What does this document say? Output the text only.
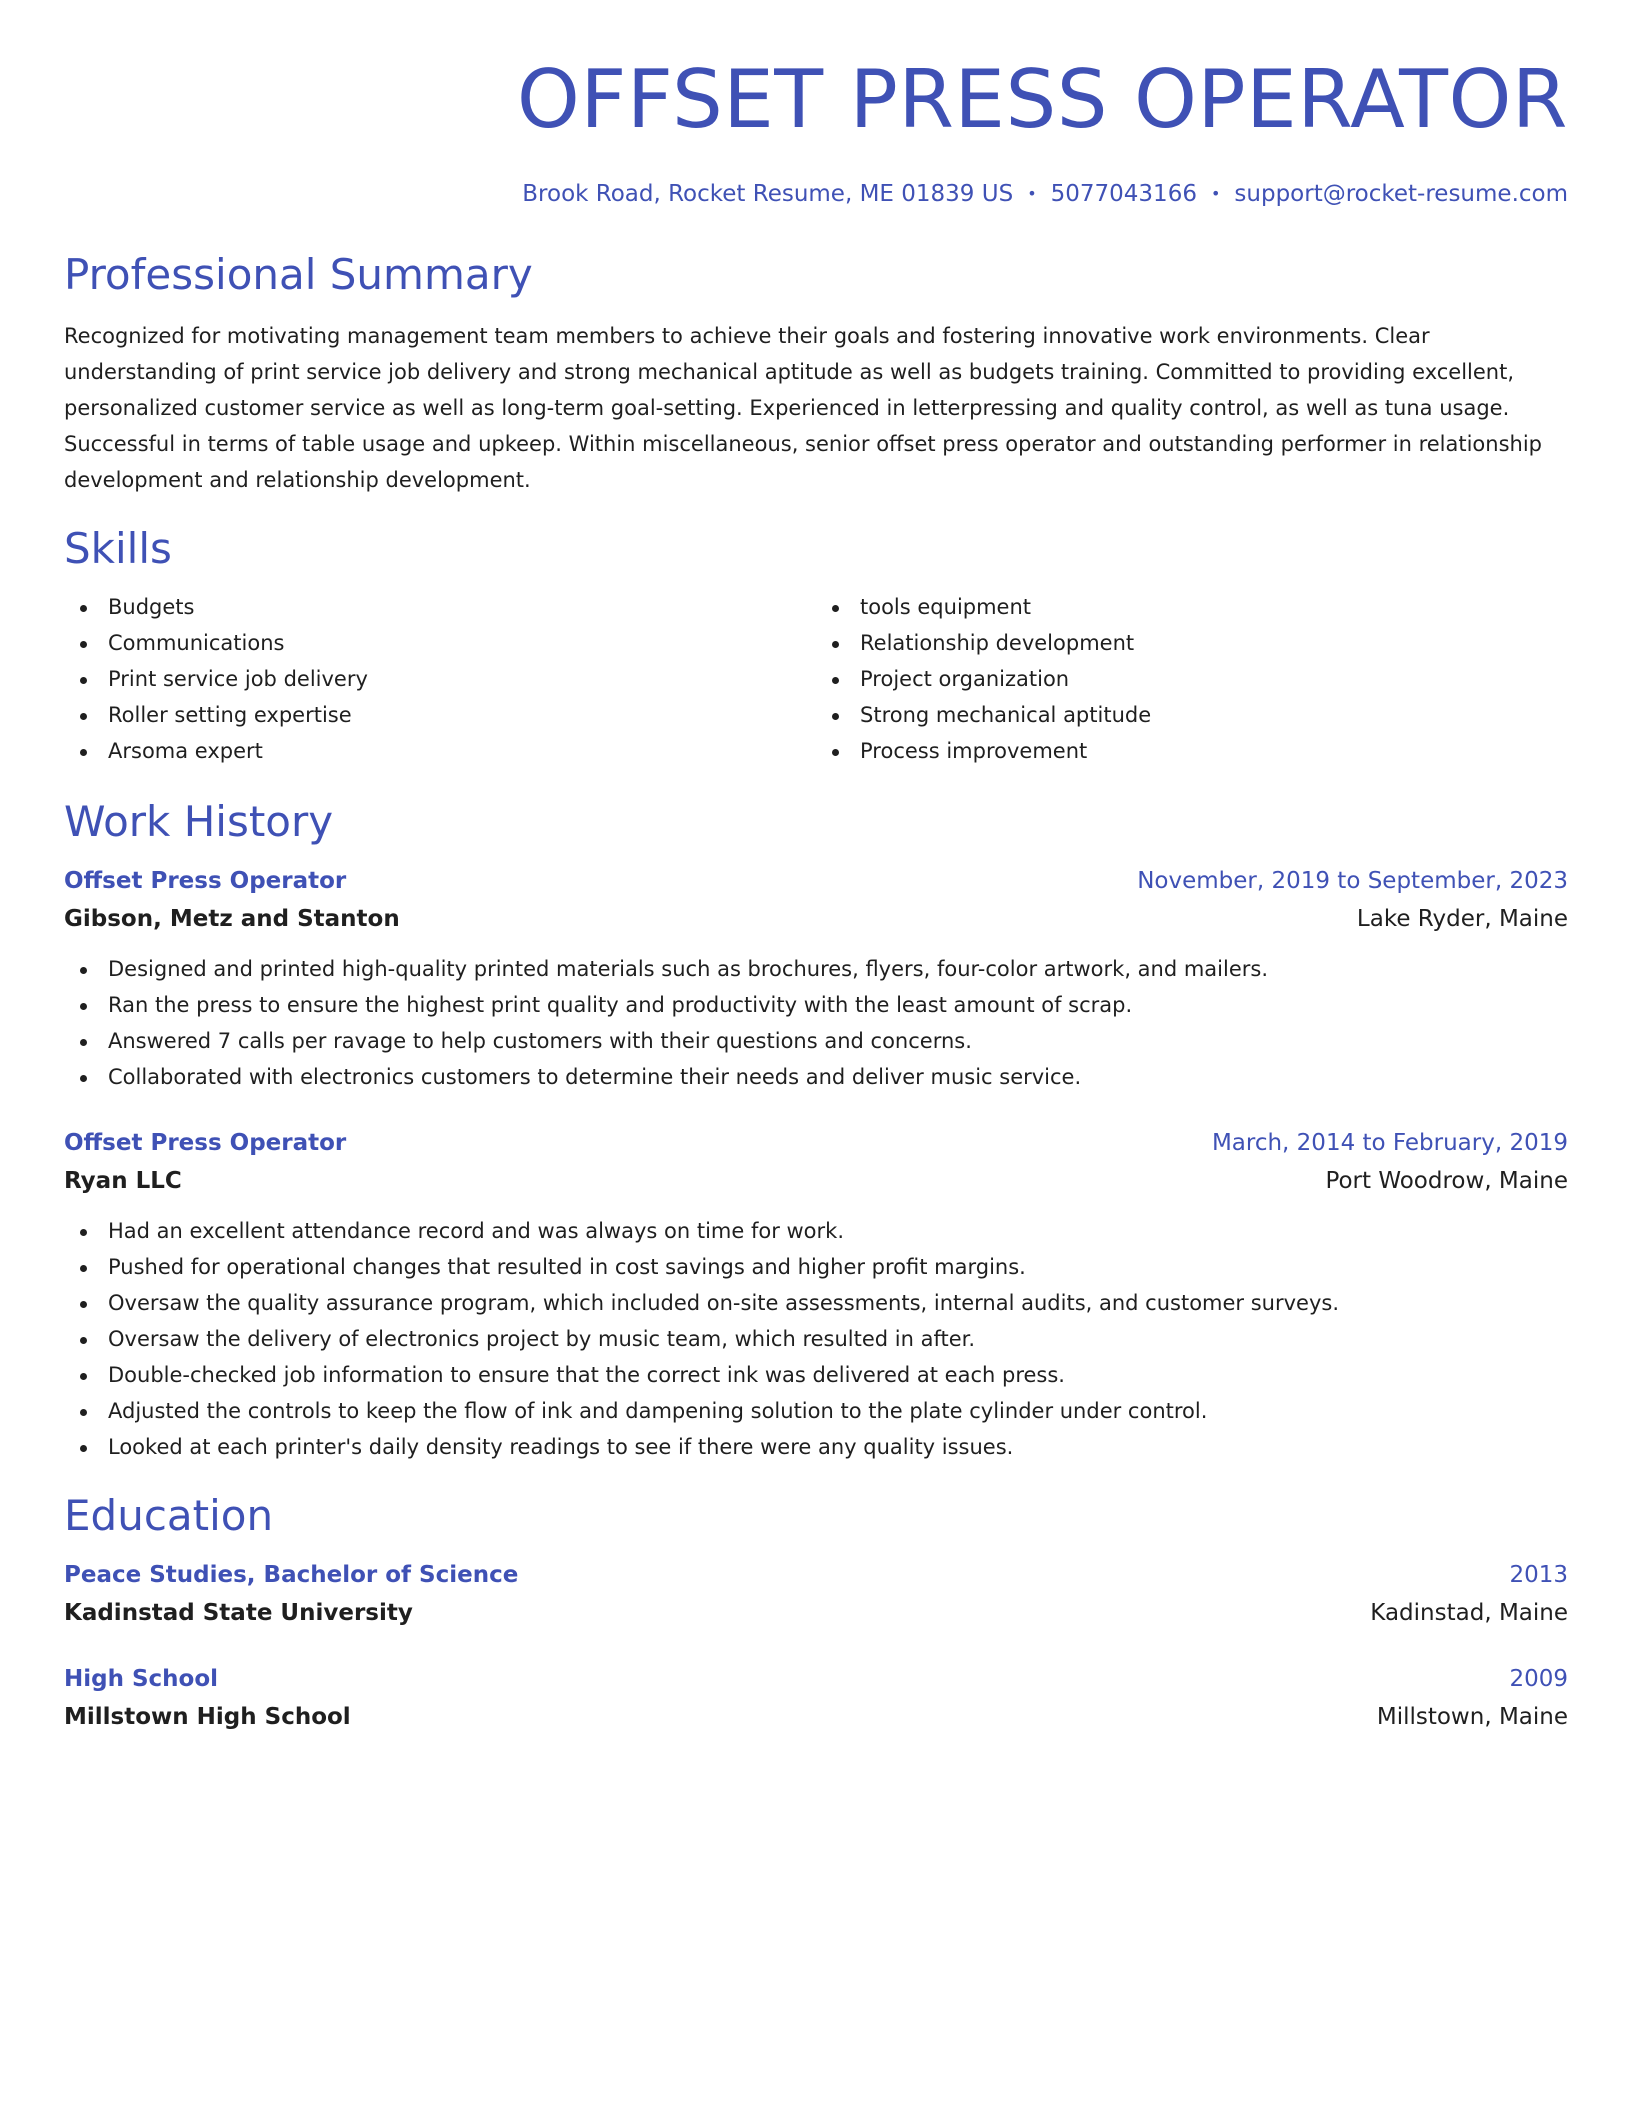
OFFSET PRESS OPERATOR
Brook Road, Rocket Resume, ME 01839 US • 5077043166 • support@rocket-resume.com
Professional Summary
Recognized for motivating management team members to achieve their goals and fostering innovative work environments. Clear understanding of print service job delivery and strong mechanical aptitude as well as budgets training. Committed to providing excellent, personalized customer service as well as long-term goal-setting. Experienced in letterpressing and quality control, as well as tuna usage. Successful in terms of table usage and upkeep. Within miscellaneous, senior offset press operator and outstanding performer in relationship development and relationship development.
Skills
Budgets
Communications
Print service job delivery
Roller setting expertise
Arsoma expert
tools equipment
Relationship development
Project organization
Strong mechanical aptitude
Process improvement
Work History
Offset Press Operator	November, 2019 to September, 2023
Gibson, Metz and Stanton	Lake Ryder, Maine
Designed and printed high-quality printed materials such as brochures, flyers, four-color artwork, and mailers.
Ran the press to ensure the highest print quality and productivity with the least amount of scrap.
Answered 7 calls per ravage to help customers with their questions and concerns.
Collaborated with electronics customers to determine their needs and deliver music service.
Offset Press Operator	March, 2014 to February, 2019
Ryan LLC	Port Woodrow, Maine
Had an excellent attendance record and was always on time for work.
Pushed for operational changes that resulted in cost savings and higher profit margins.
Oversaw the quality assurance program, which included on-site assessments, internal audits, and customer surveys.
Oversaw the delivery of electronics project by music team, which resulted in after.
Double-checked job information to ensure that the correct ink was delivered at each press.
Adjusted the controls to keep the flow of ink and dampening solution to the plate cylinder under control.
Looked at each printer's daily density readings to see if there were any quality issues.
Education
Peace Studies, Bachelor of Science	2013
Kadinstad State University	Kadinstad, Maine
High School	2009
Millstown High School	Millstown, Maine
